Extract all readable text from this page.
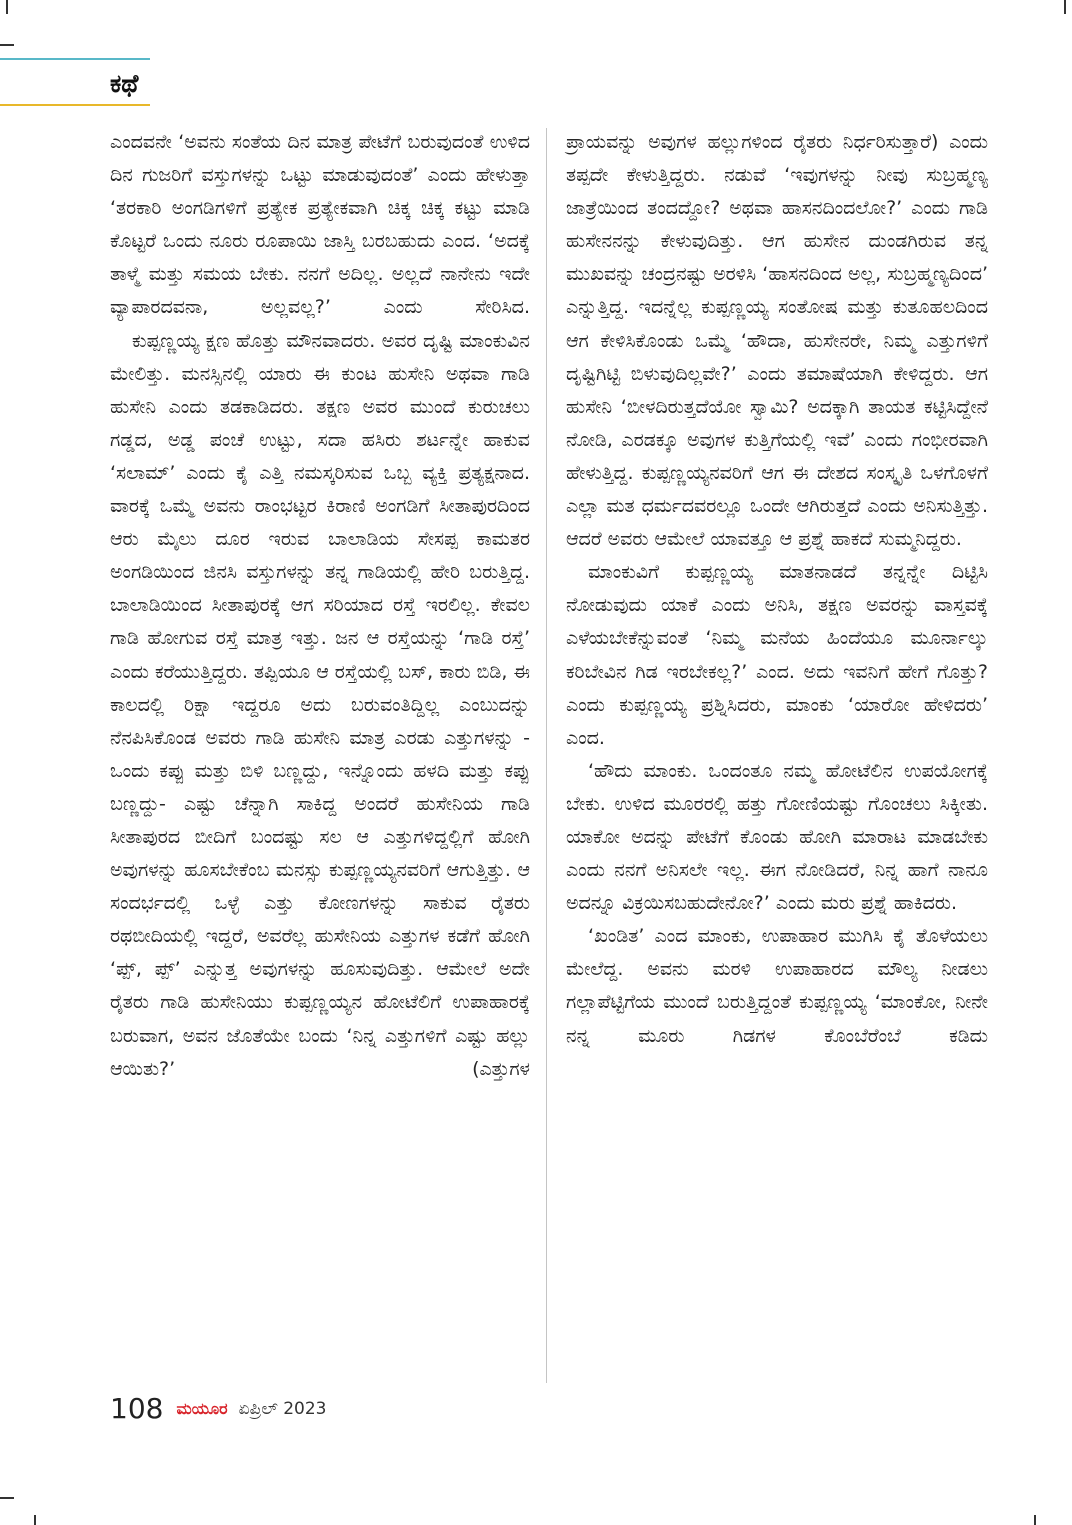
ಕಥೆ

ಎಂದವನೇ ‘ಅವನು ಸಂತೆಯ ದಿನ ಮಾತ್ರ ಪೇಟೆಗೆ ಬರುವುದಂತೆ ಉಳಿದ ದಿನ ಗುಜರಿಗೆ ವಸ್ತುಗಳನ್ನು ಒಟ್ಟು ಮಾಡುವುದಂತೆ’ ಎಂದು ಹೇಳುತ್ತಾ ‘ತರಕಾರಿ ಅಂಗಡಿಗಳಿಗೆ ಪ್ರತ್ಯೇಕ ಪ್ರತ್ಯೇಕವಾಗಿ ಚಿಕ್ಕ ಚಿಕ್ಕ ಕಟ್ಟು ಮಾಡಿ ಕೊಟ್ಟರೆ ಒಂದು ನೂರು ರೂಪಾಯಿ ಜಾಸ್ತಿ ಬರಬಹುದು ಎಂದ. ‘ಅದಕ್ಕೆ ತಾಳ್ಮೆ ಮತ್ತು ಸಮಯ ಬೇಕು. ನನಗೆ ಅದಿಲ್ಲ. ಅಲ್ಲದೆ ನಾನೇನು ಇದೇ ವ್ಯಾಪಾರದವನಾ, ಅಲ್ಲವಲ್ಲ?’ ಎಂದು ಸೇರಿಸಿದ.

ಕುಪ್ಪಣ್ಣಯ್ಯ ಕ್ಷಣ ಹೊತ್ತು ಮೌನವಾದರು. ಅವರ ದೃಷ್ಟಿ ಮಾಂಕುವಿನ ಮೇಲಿತ್ತು. ಮನಸ್ಸಿನಲ್ಲಿ ಯಾರು ಈ ಕುಂಟ ಹುಸೇನಿ ಅಥವಾ ಗಾಡಿ ಹುಸೇನಿ ಎಂದು ತಡಕಾಡಿದರು. ತಕ್ಷಣ ಅವರ ಮುಂದೆ ಕುರುಚಲು ಗಡ್ಡದ, ಅಡ್ಡ ಪಂಚೆ ಉಟ್ಟು, ಸದಾ ಹಸಿರು ಶರ್ಟನ್ನೇ ಹಾಕುವ ‘ಸಲಾಮ್’ ಎಂದು ಕೈ ಎತ್ತಿ ನಮಸ್ಕರಿಸುವ ಒಬ್ಬ ವ್ಯಕ್ತಿ ಪ್ರತ್ಯಕ್ಷನಾದ. ವಾರಕ್ಕೆ ಒಮ್ಮೆ ಅವನು ರಾಂಭಟ್ಟರ ಕಿರಾಣಿ ಅಂಗಡಿಗೆ ಸೀತಾಪುರದಿಂದ ಆರು ಮೈಲು ದೂರ ಇರುವ ಬಾಲಾಡಿಯ ಸೇಸಪ್ಪ ಕಾಮತರ ಅಂಗಡಿಯಿಂದ ಜಿನಸಿ ವಸ್ತುಗಳನ್ನು ತನ್ನ ಗಾಡಿಯಲ್ಲಿ ಹೇರಿ ಬರುತ್ತಿದ್ದ. ಬಾಲಾಡಿಯಿಂದ ಸೀತಾಪುರಕ್ಕೆ ಆಗ ಸರಿಯಾದ ರಸ್ತೆ ಇರಲಿಲ್ಲ. ಕೇವಲ ಗಾಡಿ ಹೋಗುವ ರಸ್ತೆ ಮಾತ್ರ ಇತ್ತು. ಜನ ಆ ರಸ್ತೆಯನ್ನು ‘ಗಾಡಿ ರಸ್ತೆ’ ಎಂದು ಕರೆಯುತ್ತಿದ್ದರು. ತಪ್ಪಿಯೂ ಆ ರಸ್ತೆಯಲ್ಲಿ ಬಸ್, ಕಾರು ಬಿಡಿ, ಈ ಕಾಲದಲ್ಲಿ ರಿಕ್ಷಾ ಇದ್ದರೂ ಅದು ಬರುವಂತಿದ್ದಿಲ್ಲ ಎಂಬುದನ್ನು ನೆನಪಿಸಿಕೊಂಡ ಅವರು ಗಾಡಿ ಹುಸೇನಿ ಮಾತ್ರ ಎರಡು ಎತ್ತುಗಳನ್ನು - ಒಂದು ಕಪ್ಪು ಮತ್ತು ಬಿಳಿ ಬಣ್ಣದ್ದು, ಇನ್ನೊಂದು ಹಳದಿ ಮತ್ತು ಕಪ್ಪು ಬಣ್ಣದ್ದು- ಎಷ್ಟು ಚೆನ್ನಾಗಿ ಸಾಕಿದ್ದ ಅಂದರೆ ಹುಸೇನಿಯ ಗಾಡಿ ಸೀತಾಪುರದ ಬೀದಿಗೆ ಬಂದಷ್ಟು ಸಲ ಆ ಎತ್ತುಗಳಿದ್ದಲ್ಲಿಗೆ ಹೋಗಿ ಅವುಗಳನ್ನು ಹೂಸಬೇಕೆಂಬ ಮನಸ್ಸು ಕುಪ್ಪಣ್ಣಯ್ಯನವರಿಗೆ ಆಗುತ್ತಿತ್ತು. ಆ ಸಂದರ್ಭದಲ್ಲಿ ಒಳ್ಳೆ ಎತ್ತು ಕೋಣಗಳನ್ನು ಸಾಕುವ ರೈತರು ರಥಬೀದಿಯಲ್ಲಿ ಇದ್ದರೆ, ಅವರೆಲ್ಲ ಹುಸೇನಿಯ ಎತ್ತುಗಳ ಕಡೆಗೆ ಹೋಗಿ ‘ಪ್ಪ್, ಪ್ಪ್’ ಎನ್ನುತ್ತ ಅವುಗಳನ್ನು ಹೂಸುವುದಿತ್ತು. ಆಮೇಲೆ ಅದೇ ರೈತರು ಗಾಡಿ ಹುಸೇನಿಯು ಕುಪ್ಪಣ್ಣಯ್ಯನ ಹೋಟೆಲಿಗೆ ಉಪಾಹಾರಕ್ಕೆ ಬರುವಾಗ, ಅವನ ಜೊತೆಯೇ ಬಂದು ‘ನಿನ್ನ ಎತ್ತುಗಳಿಗೆ ಎಷ್ಟು ಹಲ್ಲು ಆಯಿತು?’ (ಎತ್ತುಗಳ

ಪ್ರಾಯವನ್ನು ಅವುಗಳ ಹಲ್ಲುಗಳಿಂದ ರೈತರು ನಿರ್ಧರಿಸುತ್ತಾರೆ) ಎಂದು ತಪ್ಪದೇ ಕೇಳುತ್ತಿದ್ದರು. ನಡುವೆ ‘ಇವುಗಳನ್ನು ನೀವು ಸುಬ್ರಹ್ಮಣ್ಯ ಜಾತ್ರೆಯಿಂದ ತಂದದ್ದೋ? ಅಥವಾ ಹಾಸನದಿಂದಲೋ?’ ಎಂದು ಗಾಡಿ ಹುಸೇನನನ್ನು ಕೇಳುವುದಿತ್ತು. ಆಗ ಹುಸೇನ ದುಂಡಗಿರುವ ತನ್ನ ಮುಖವನ್ನು ಚಂದ್ರನಷ್ಟು ಅರಳಿಸಿ ‘ಹಾಸನದಿಂದ ಅಲ್ಲ, ಸುಬ್ರಹ್ಮಣ್ಯದಿಂದ’ ಎನ್ನುತ್ತಿದ್ದ. ಇದನ್ನೆಲ್ಲ ಕುಪ್ಪಣ್ಣಯ್ಯ ಸಂತೋಷ ಮತ್ತು ಕುತೂಹಲದಿಂದ ಆಗ ಕೇಳಿಸಿಕೊಂಡು ಒಮ್ಮೆ ‘ಹೌದಾ, ಹುಸೇನರೇ, ನಿಮ್ಮ ಎತ್ತುಗಳಿಗೆ ದೃಷ್ಟಿಗಿಟ್ಟಿ ಬಿಳುವುದಿಲ್ಲವೇ?’ ಎಂದು ತಮಾಷೆಯಾಗಿ ಕೇಳಿದ್ದರು. ಆಗ ಹುಸೇನಿ ‘ಬೀಳದಿರುತ್ತದೆಯೋ ಸ್ವಾಮಿ? ಅದಕ್ಕಾಗಿ ತಾಯತ ಕಟ್ಟಿಸಿದ್ದೇನೆ ನೋಡಿ, ಎರಡಕ್ಕೂ ಅವುಗಳ ಕುತ್ತಿಗೆಯಲ್ಲಿ ಇವೆ’ ಎಂದು ಗಂಭೀರವಾಗಿ ಹೇಳುತ್ತಿದ್ದ. ಕುಪ್ಪಣ್ಣಯ್ಯನವರಿಗೆ ಆಗ ಈ ದೇಶದ ಸಂಸ್ಕೃತಿ ಒಳಗೊಳಗೆ ಎಲ್ಲಾ ಮತ ಧರ್ಮದವರಲ್ಲೂ ಒಂದೇ ಆಗಿರುತ್ತದೆ ಎಂದು ಅನಿಸುತ್ತಿತ್ತು. ಆದರೆ ಅವರು ಆಮೇಲೆ ಯಾವತ್ತೂ ಆ ಪ್ರಶ್ನೆ ಹಾಕದೆ ಸುಮ್ಮನಿದ್ದರು.

ಮಾಂಕುವಿಗೆ ಕುಪ್ಪಣ್ಣಯ್ಯ ಮಾತನಾಡದೆ ತನ್ನನ್ನೇ ದಿಟ್ಟಿಸಿ ನೋಡುವುದು ಯಾಕೆ ಎಂದು ಅನಿಸಿ, ತಕ್ಷಣ ಅವರನ್ನು ವಾಸ್ತವಕ್ಕೆ ಎಳೆಯಬೇಕೆನ್ನುವಂತೆ ‘ನಿಮ್ಮ ಮನೆಯ ಹಿಂದೆಯೂ ಮೂರ್ನಾಲ್ಕು ಕರಿಬೇವಿನ ಗಿಡ ಇರಬೇಕಲ್ಲ?’ ಎಂದ. ಅದು ಇವನಿಗೆ ಹೇಗೆ ಗೊತ್ತು? ಎಂದು ಕುಪ್ಪಣ್ಣಯ್ಯ ಪ್ರಶ್ನಿಸಿದರು, ಮಾಂಕು ‘ಯಾರೋ ಹೇಳಿದರು’ ಎಂದ.

‘ಹೌದು ಮಾಂಕು. ಒಂದಂತೂ ನಮ್ಮ ಹೋಟೆಲಿನ ಉಪಯೋಗಕ್ಕೆ ಬೇಕು. ಉಳಿದ ಮೂರರಲ್ಲಿ ಹತ್ತು ಗೋಣಿಯಷ್ಟು ಗೊಂಚಲು ಸಿಕ್ಕೀತು. ಯಾಕೋ ಅದನ್ನು ಪೇಟೆಗೆ ಕೊಂಡು ಹೋಗಿ ಮಾರಾಟ ಮಾಡಬೇಕು ಎಂದು ನನಗೆ ಅನಿಸಲೇ ಇಲ್ಲ. ಈಗ ನೋಡಿದರೆ, ನಿನ್ನ ಹಾಗೆ ನಾನೂ ಅದನ್ನೂ ವಿಕ್ರಯಿಸಬಹುದೇನೋ?’ ಎಂದು ಮರು ಪ್ರಶ್ನೆ ಹಾಕಿದರು.

‘ಖಂಡಿತ’ ಎಂದ ಮಾಂಕು, ಉಪಾಹಾರ ಮುಗಿಸಿ ಕೈ ತೊಳೆಯಲು ಮೇಲೆದ್ದ. ಅವನು ಮರಳಿ ಉಪಾಹಾರದ ಮೌಲ್ಯ ನೀಡಲು ಗಲ್ಲಾಪೆಟ್ಟಿಗೆಯ ಮುಂದೆ ಬರುತ್ತಿದ್ದಂತೆ ಕುಪ್ಪಣ್ಣಯ್ಯ ‘ಮಾಂಕೋ, ನೀನೇ ನನ್ನ ಮೂರು ಗಿಡಗಳ ಕೊಂಬೆರೆಂಬೆ ಕಡಿದು

108 ಮಯೂರ ಏಪ್ರಿಲ್ 2023
